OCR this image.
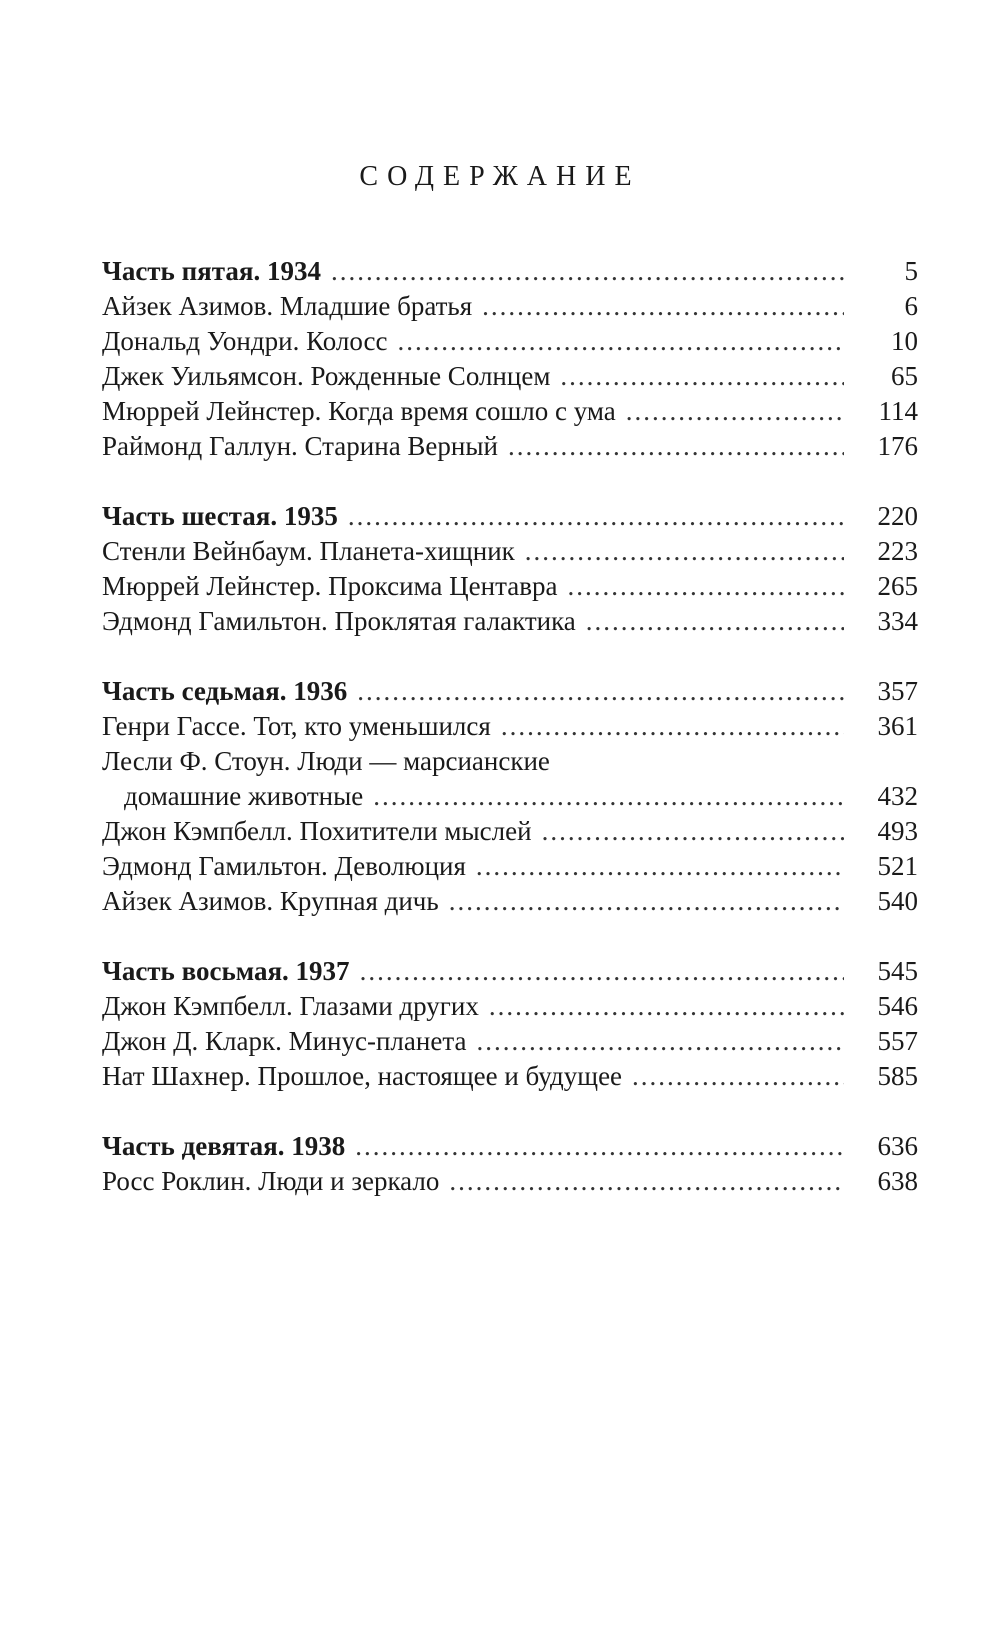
СОДЕРЖАНИЕ
Часть пятая. 1934 .....	5
Айзек Азимов. Младшие братья .....	6
Дональд Уондри. Колосс .....	10
Джек Уильямсон. Рожденные Солнцем .....	65
Мюррей Лейнстер. Когда время сошло с ума .....	114
Раймонд Галлун. Старина Верный .....	176
Часть шестая. 1935 .....	220
Стенли Вейнбаум. Планета-хищник .....	223
Мюррей Лейнстер. Проксима Центавра .....	265
Эдмонд Гамильтон. Проклятая галактика .....	334
Часть седьмая. 1936 .....	357
Генри Гассе. Тот, кто уменьшился .....	361
Лесли Ф. Стоун. Люди — марсианские
домашние животные .....	432
Джон Кэмпбелл. Похитители мыслей .....	493
Эдмонд Гамильтон. Деволюция .....	521
Айзек Азимов. Крупная дичь .....	540
Часть восьмая. 1937 .....	545
Джон Кэмпбелл. Глазами других .....	546
Джон Д. Кларк. Минус-планета .....	557
Нат Шахнер. Прошлое, настоящее и будущее .....	585
Часть девятая. 1938 .....	636
Росс Роклин. Люди и зеркало .....	638
